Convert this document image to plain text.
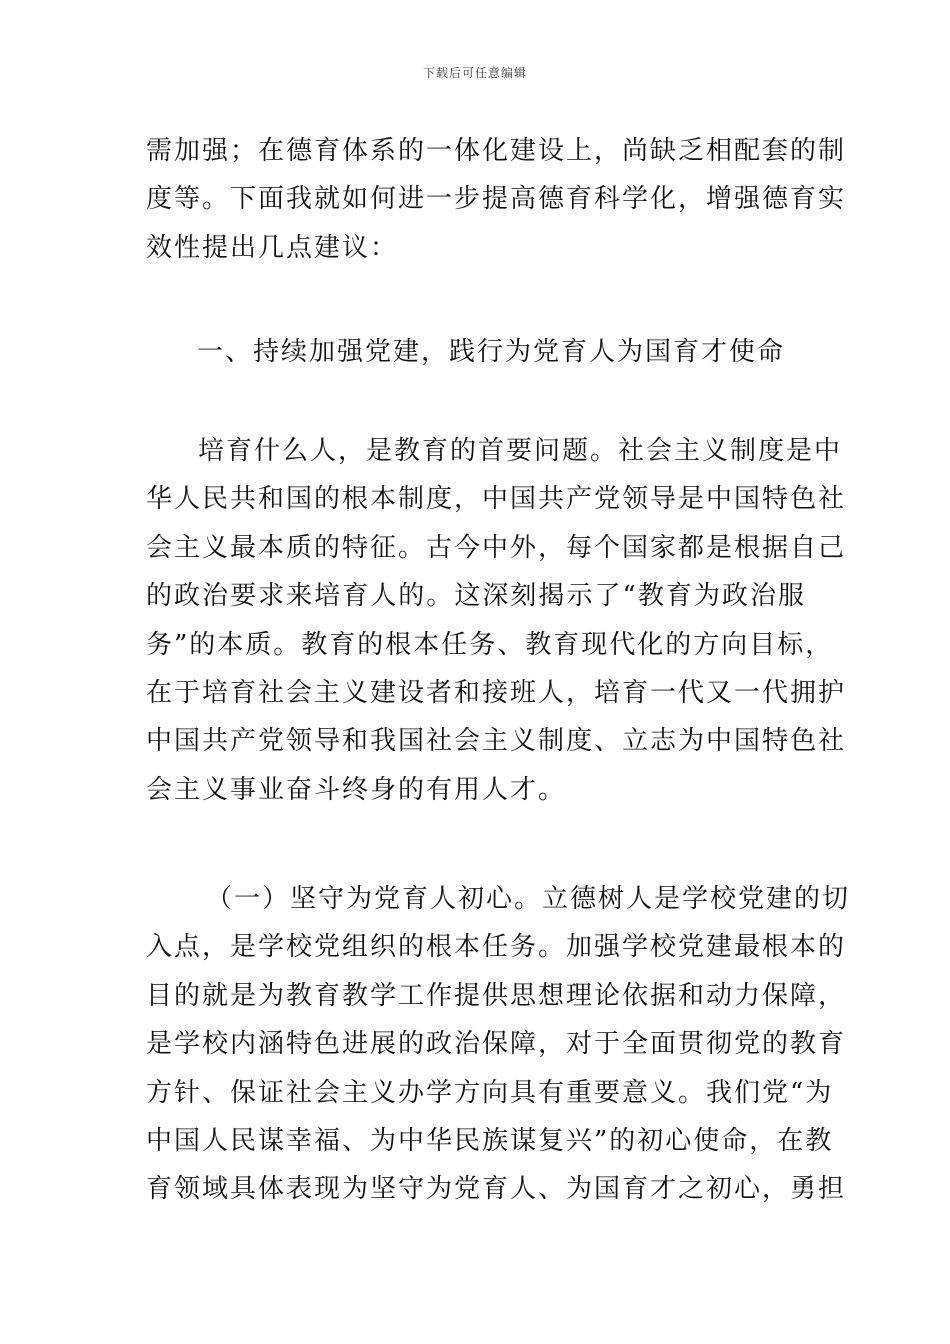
下载后可任意编辑
需加强；在德育体系的一体化建设上，尚缺乏相配套的制
度等。下面我就如何进一步提高德育科学化，增强德育实
效性提出几点建议：
一、持续加强党建，践行为党育人为国育才使命
培育什么人，是教育的首要问题。社会主义制度是中
华人民共和国的根本制度，中国共产党领导是中国特色社
会主义最本质的特征。古今中外，每个国家都是根据自己
的政治要求来培育人的。这深刻揭示了“教育为政治服
务”的本质。教育的根本任务、教育现代化的方向目标，
在于培育社会主义建设者和接班人，培育一代又一代拥护
中国共产党领导和我国社会主义制度、立志为中国特色社
会主义事业奋斗终身的有用人才。
（一）坚守为党育人初心。立德树人是学校党建的切
入点，是学校党组织的根本任务。加强学校党建最根本的
目的就是为教育教学工作提供思想理论依据和动力保障，
是学校内涵特色进展的政治保障，对于全面贯彻党的教育
方针、保证社会主义办学方向具有重要意义。我们党“为
中国人民谋幸福、为中华民族谋复兴”的初心使命，在教
育领域具体表现为坚守为党育人、为国育才之初心，勇担
